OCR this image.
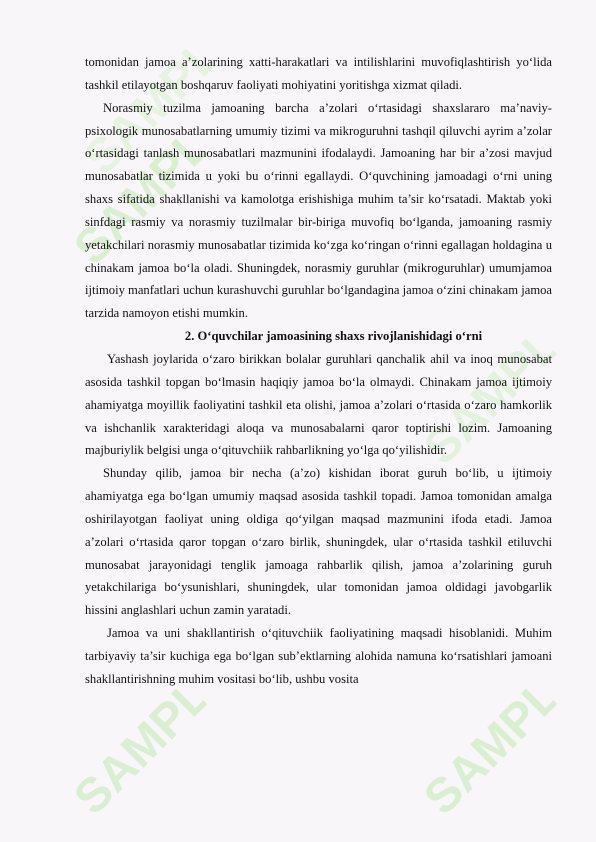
SAMPLE
SAMPLE
SAMPLE
SAMPLE	SAMPLE

tomonidan jamoa a’zolarining xatti-harakatlari va intilishlarini muvofiqlashtirish yo‘lida tashkil etilayotgan boshqaruv faoliyati mohiyatini yoritishga xizmat qiladi.

Norasmiy tuzilma jamoaning barcha a’zolari o‘rtasidagi shaxslararo ma’naviy-psixologik munosabatlarning umumiy tizimi va mikroguruhni tashqil qiluvchi ayrim a’zolar o‘rtasidagi tanlash munosabatlari mazmunini ifodalaydi. Jamoaning har bir a’zosi mavjud munosabatlar tizimida u yoki bu o‘rinni egallaydi. O‘quvchining jamoadagi o‘rni uning shaxs sifatida shakllanishi va kamolotga erishishiga muhim ta’sir ko‘rsatadi. Maktab yoki sinfdagi rasmiy va norasmiy tuzilmalar bir-biriga muvofiq bo‘lganda, jamoaning rasmiy yetakchilari norasmiy munosabatlar tizimida ko‘zga ko‘ringan o‘rinni egallagan holdagina u chinakam jamoa bo‘la oladi. Shuningdek, norasmiy guruhlar (mikroguruhlar) umumjamoa ijtimoiy manfatlari uchun kurashuvchi guruhlar bo‘lgandagina jamoa o‘zini chinakam jamoa tarzida namoyon etishi mumkin.

2. O‘quvchilar jamoasining shaxs rivojlanishidagi o‘rni

Yashash joylarida o‘zaro birikkan bolalar guruhlari qanchalik ahil va inoq munosabat asosida tashkil topgan bo‘lmasin haqiqiy jamoa bo‘la olmaydi. Chinakam jamoa ijtimoiy ahamiyatga moyillik faoliyatini tashkil eta olishi, jamoa a’zolari o‘rtasida o‘zaro hamkorlik va ishchanlik xarakteridagi aloqa va munosabalarni qaror toptirishi lozim. Jamoaning majburiylik belgisi unga o‘qituvchiik rahbarlikning yo‘lga qo‘yilishidir.

Shunday qilib, jamoa bir necha (a’zo) kishidan iborat guruh bo‘lib, u ijtimoiy ahamiyatga ega bo‘lgan umumiy maqsad asosida tashkil topadi. Jamoa tomonidan amalga oshirilayotgan faoliyat uning oldiga qo‘yilgan maqsad mazmunini ifoda etadi. Jamoa a’zolari o‘rtasida qaror topgan o‘zaro birlik, shuningdek, ular o‘rtasida tashkil etiluvchi munosabat jarayonidagi tenglik jamoaga rahbarlik qilish, jamoa a’zolarining guruh yetakchilariga bo‘ysunishlari, shuningdek, ular tomonidan jamoa oldidagi javobgarlik hissini anglashlari uchun zamin yaratadi.

Jamoa va uni shakllantirish o‘qituvchiik faoliyatining maqsadi hisoblanidi. Muhim tarbiyaviy ta’sir kuchiga ega bo‘lgan sub’ektlarning alohida namuna ko‘rsatishlari jamoani shakllantirishning muhim vositasi bo‘lib, ushbu vosita
